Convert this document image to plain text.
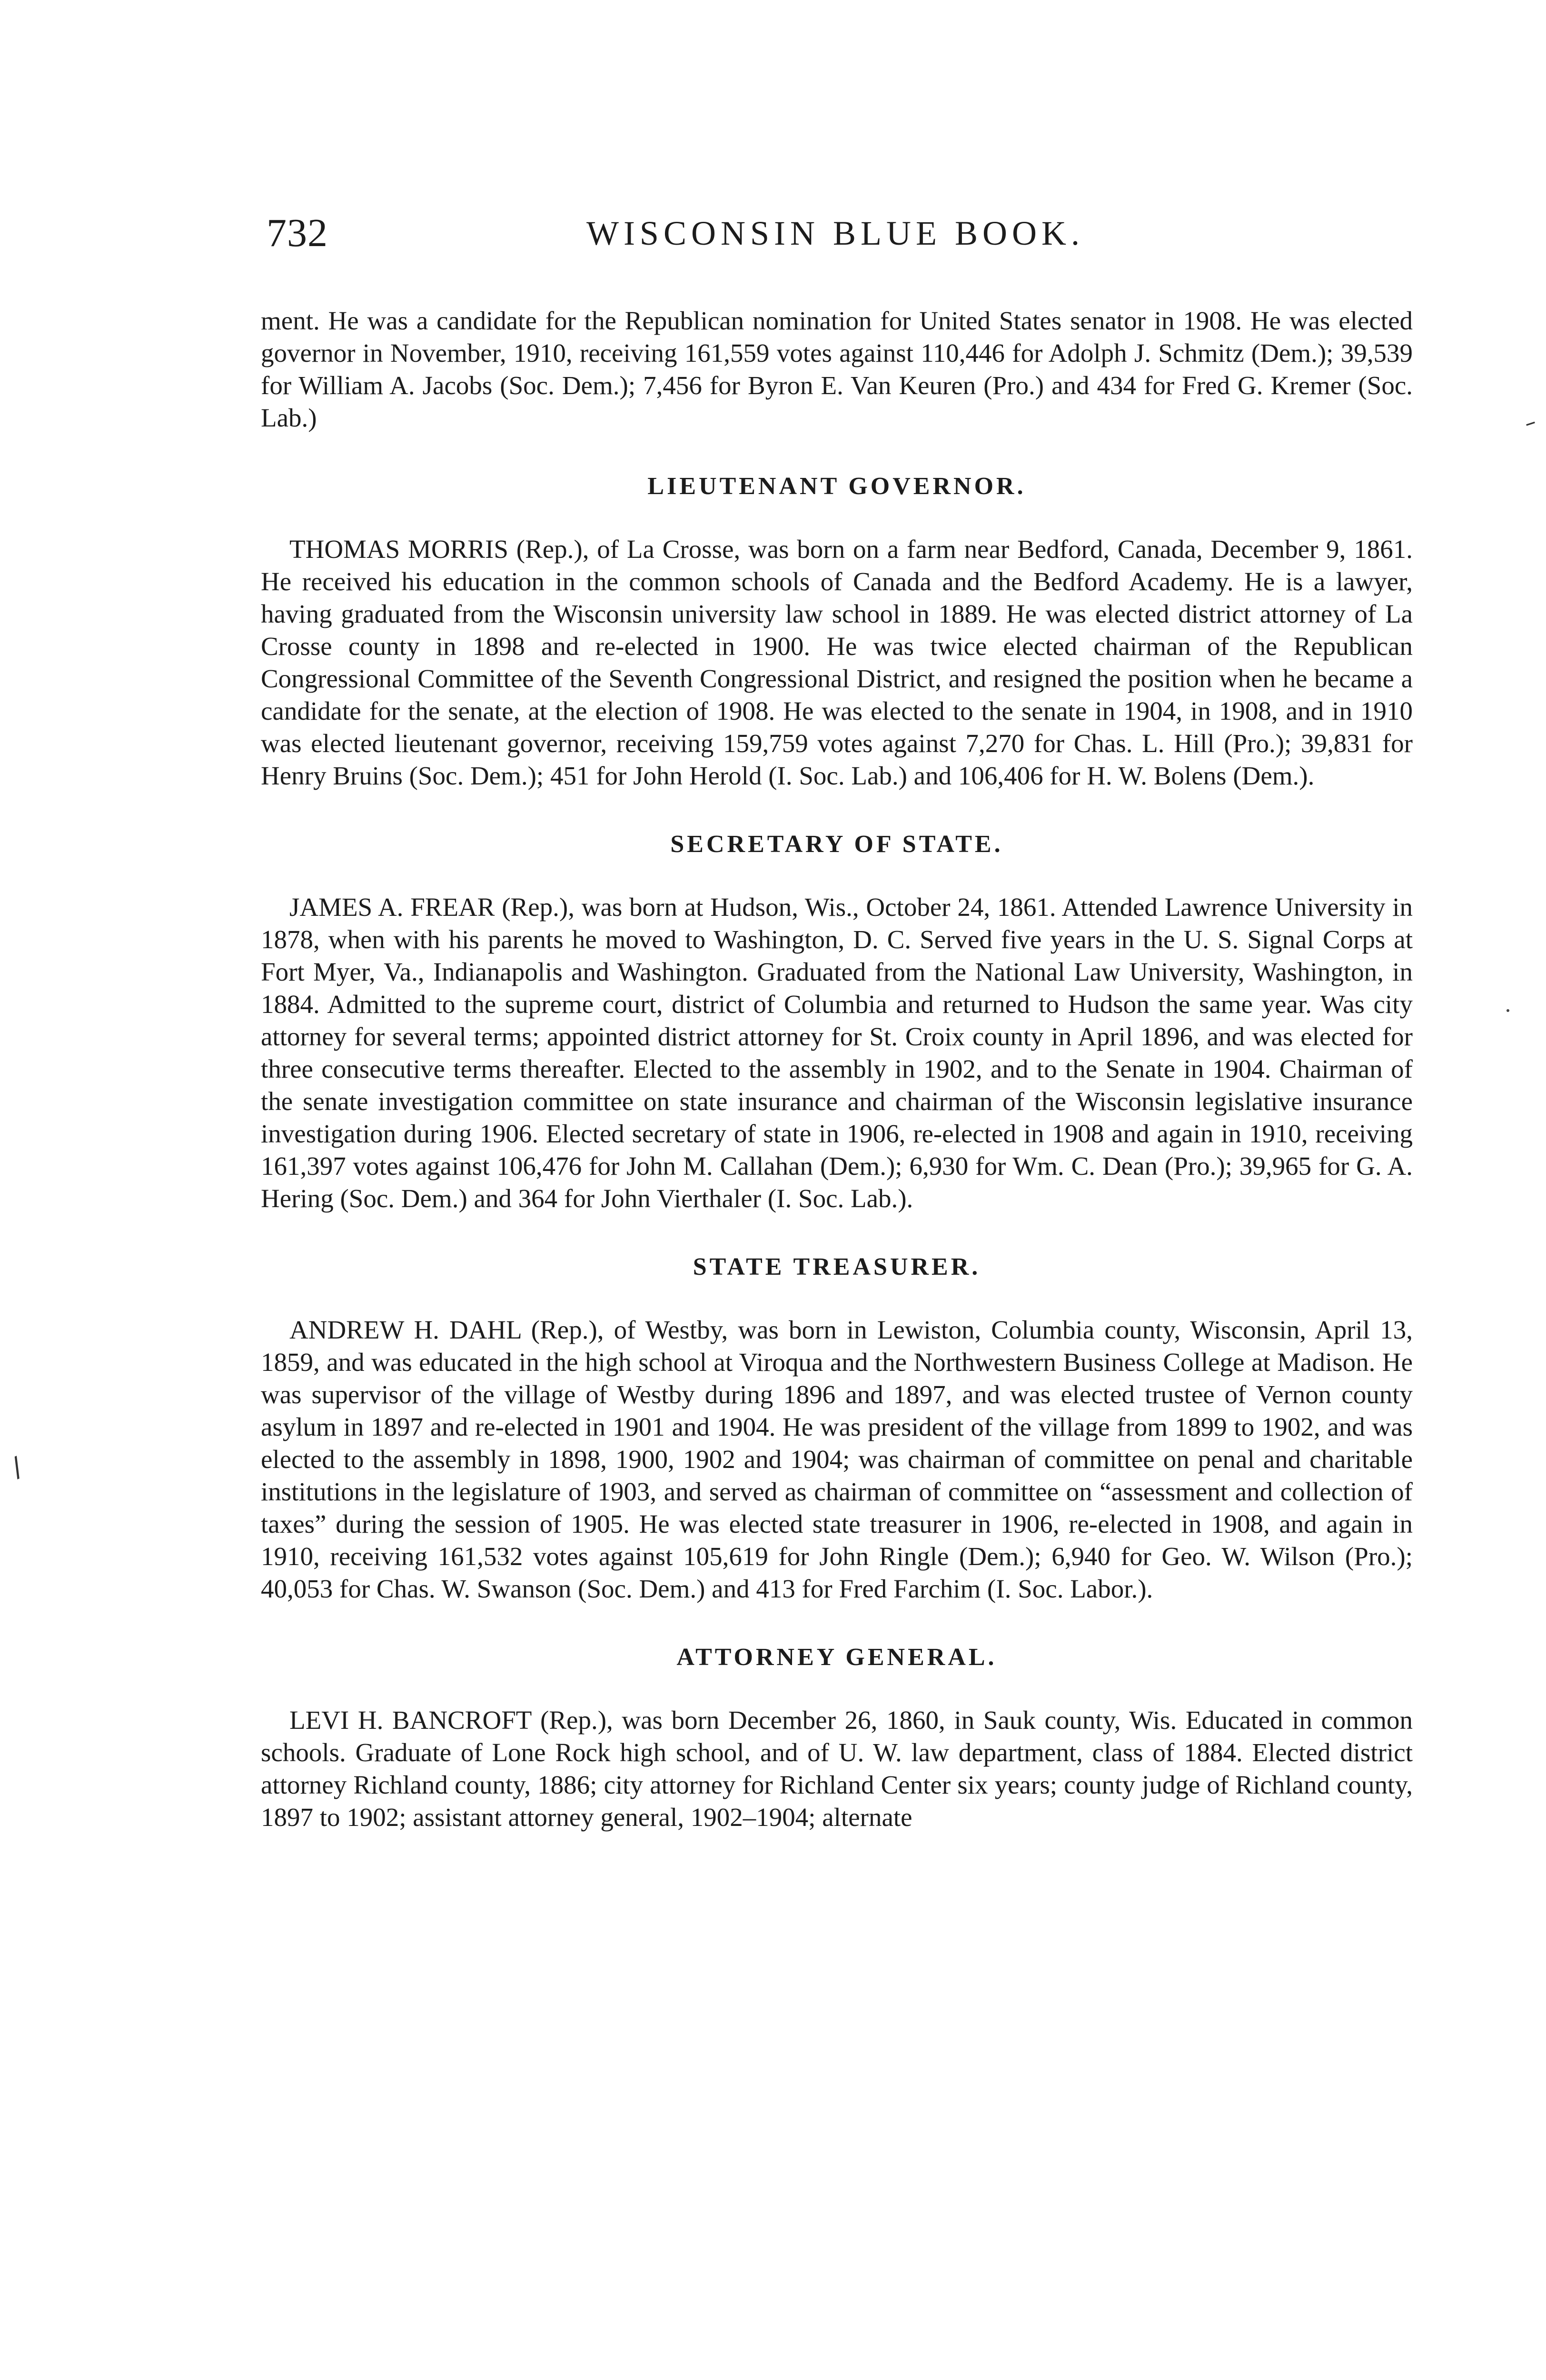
732	WISCONSIN BLUE BOOK.

ment. He was a candidate for the Republican nomination for United States senator in 1908. He was elected governor in November, 1910, receiving 161,559 votes against 110,446 for Adolph J. Schmitz (Dem.); 39,539 for William A. Jacobs (Soc. Dem.); 7,456 for Byron E. Van Keuren (Pro.) and 434 for Fred G. Kremer (Soc. Lab.)

LIEUTENANT GOVERNOR.

THOMAS MORRIS (Rep.), of La Crosse, was born on a farm near Bedford, Canada, December 9, 1861. He received his education in the common schools of Canada and the Bedford Academy. He is a lawyer, having graduated from the Wisconsin university law school in 1889. He was elected district attorney of La Crosse county in 1898 and re-elected in 1900. He was twice elected chairman of the Republican Congressional Committee of the Seventh Congressional District, and resigned the position when he became a candidate for the senate, at the election of 1908. He was elected to the senate in 1904, in 1908, and in 1910 was elected lieutenant governor, receiving 159,759 votes against 7,270 for Chas. L. Hill (Pro.); 39,831 for Henry Bruins (Soc. Dem.); 451 for John Herold (I. Soc. Lab.) and 106,406 for H. W. Bolens (Dem.).

SECRETARY OF STATE.

JAMES A. FREAR (Rep.), was born at Hudson, Wis., October 24, 1861. Attended Lawrence University in 1878, when with his parents he moved to Washington, D. C. Served five years in the U. S. Signal Corps at Fort Myer, Va., Indianapolis and Washington. Graduated from the National Law University, Washington, in 1884. Admitted to the supreme court, district of Columbia and returned to Hudson the same year. Was city attorney for several terms; appointed district attorney for St. Croix county in April 1896, and was elected for three consecutive terms thereafter. Elected to the assembly in 1902, and to the Senate in 1904. Chairman of the senate investigation committee on state insurance and chairman of the Wisconsin legislative insurance investigation during 1906. Elected secretary of state in 1906, re-elected in 1908 and again in 1910, receiving 161,397 votes against 106,476 for John M. Callahan (Dem.); 6,930 for Wm. C. Dean (Pro.); 39,965 for G. A. Hering (Soc. Dem.) and 364 for John Vierthaler (I. Soc. Lab.).

STATE TREASURER.

ANDREW H. DAHL (Rep.), of Westby, was born in Lewiston, Columbia county, Wisconsin, April 13, 1859, and was educated in the high school at Viroqua and the Northwestern Business College at Madison. He was supervisor of the village of Westby during 1896 and 1897, and was elected trustee of Vernon county asylum in 1897 and re-elected in 1901 and 1904. He was president of the village from 1899 to 1902, and was elected to the assembly in 1898, 1900, 1902 and 1904; was chairman of committee on penal and charitable institutions in the legislature of 1903, and served as chairman of committee on “assessment and collection of taxes” during the session of 1905. He was elected state treasurer in 1906, re-elected in 1908, and again in 1910, receiving 161,532 votes against 105,619 for John Ringle (Dem.); 6,940 for Geo. W. Wilson (Pro.); 40,053 for Chas. W. Swanson (Soc. Dem.) and 413 for Fred Farchim (I. Soc. Labor.).

ATTORNEY GENERAL.

LEVI H. BANCROFT (Rep.), was born December 26, 1860, in Sauk county, Wis. Educated in common schools. Graduate of Lone Rock high school, and of U. W. law department, class of 1884. Elected district attorney Richland county, 1886; city attorney for Richland Center six years; county judge of Richland county, 1897 to 1902; assistant attorney general, 1902–1904; alternate

–
∕
